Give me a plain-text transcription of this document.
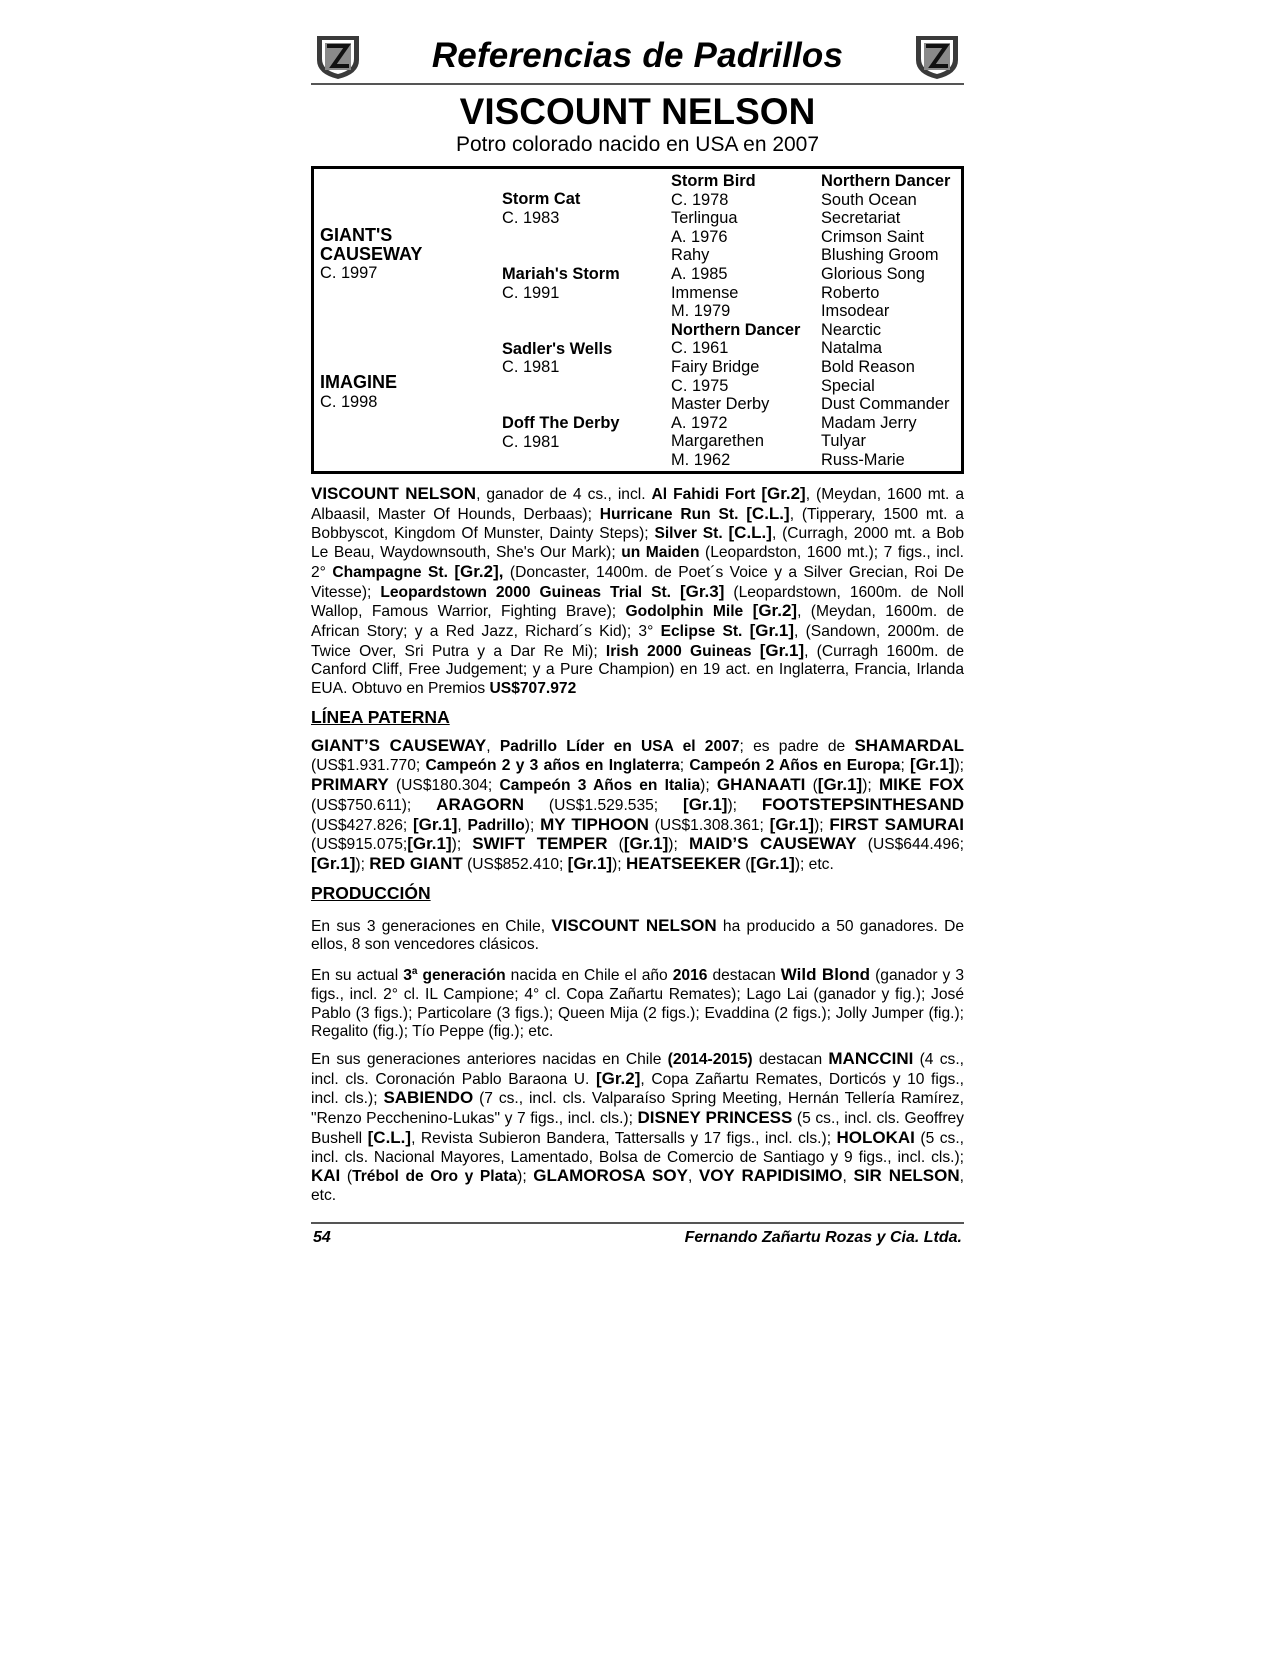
Referencias de Padrillos
VISCOUNT NELSON
Potro colorado nacido en USA en 2007
GIANT'S
CAUSEWAY
C. 1997
IMAGINE
C. 1998
Storm Cat
C. 1983
Mariah's Storm
C. 1991
Sadler's Wells
C. 1981
Doff The Derby
C. 1981
Storm Bird
C. 1978
Terlingua
A. 1976
Rahy
A. 1985
Immense
M. 1979
Northern Dancer
C. 1961
Fairy Bridge
C. 1975
Master Derby
A. 1972
Margarethen
M. 1962
Northern Dancer
South Ocean
Secretariat
Crimson Saint
Blushing Groom
Glorious Song
Roberto
Imsodear
Nearctic
Natalma
Bold Reason
Special
Dust Commander
Madam Jerry
Tulyar
Russ-Marie

VISCOUNT NELSON, ganador de 4 cs., incl. Al Fahidi Fort [Gr.2], (Meydan, 1600 mt. a Albaasil, Master Of Hounds, Derbaas); Hurricane Run St. [C.L.], (Tipperary, 1500 mt. a Bobbyscot, Kingdom Of Munster, Dainty Steps); Silver St. [C.L.], (Curragh, 2000 mt. a Bob Le Beau, Waydownsouth, She's Our Mark); un Maiden (Leopardston, 1600 mt.); 7 figs., incl. 2° Champagne St. [Gr.2], (Doncaster, 1400m. de Poet´s Voice y a Silver Grecian, Roi De Vitesse); Leopardstown 2000 Guineas Trial St. [Gr.3] (Leopardstown, 1600m. de Noll Wallop, Famous Warrior, Fighting Brave); Godolphin Mile [Gr.2], (Meydan, 1600m. de African Story; y a Red Jazz, Richard´s Kid); 3° Eclipse St. [Gr.1], (Sandown, 2000m. de Twice Over, Sri Putra y a Dar Re Mi); Irish 2000 Guineas [Gr.1], (Curragh 1600m. de Canford Cliff, Free Judgement; y a Pure Champion) en 19 act. en Inglaterra, Francia, Irlanda EUA. Obtuvo en Premios US$707.972

LÍNEA PATERNA

GIANT’S CAUSEWAY, Padrillo Líder en USA el 2007; es padre de SHAMARDAL (US$1.931.770; Campeón 2 y 3 años en Inglaterra; Campeón 2 Años en Europa; [Gr.1]); PRIMARY (US$180.304; Campeón 3 Años en Italia); GHANAATI ([Gr.1]); MIKE FOX (US$750.611); ARAGORN (US$1.529.535; [Gr.1]); FOOTSTEPSINTHESAND (US$427.826; [Gr.1], Padrillo); MY TIPHOON (US$1.308.361; [Gr.1]); FIRST SAMURAI (US$915.075;[Gr.1]); SWIFT TEMPER ([Gr.1]); MAID’S CAUSEWAY (US$644.496; [Gr.1]); RED GIANT (US$852.410; [Gr.1]); HEATSEEKER ([Gr.1]); etc.

PRODUCCIÓN

En sus 3 generaciones en Chile, VISCOUNT NELSON ha producido a 50 ganadores. De ellos, 8 son vencedores clásicos.

En su actual 3$^a$ generación nacida en Chile el año 2016 destacan Wild Blond (ganador y 3 figs., incl. 2° cl. IL Campione; 4° cl. Copa Zañartu Remates); Lago Lai (ganador y fig.); José Pablo (3 figs.); Particolare (3 figs.); Queen Mija (2 figs.); Evaddina (2 figs.); Jolly Jumper (fig.); Regalito (fig.); Tío Peppe (fig.); etc.

En sus generaciones anteriores nacidas en Chile (2014-2015) destacan MANCCINI (4 cs., incl. cls. Coronación Pablo Baraona U. [Gr.2], Copa Zañartu Remates, Dorticós y 10 figs., incl. cls.); SABIENDO (7 cs., incl. cls. Valparaíso Spring Meeting, Hernán Tellería Ramírez, "Renzo Pecchenino-Lukas" y 7 figs., incl. cls.); DISNEY PRINCESS (5 cs., incl. cls. Geoffrey Bushell [C.L.], Revista Subieron Bandera, Tattersalls y 17 figs., incl. cls.); HOLOKAI (5 cs., incl. cls. Nacional Mayores, Lamentado, Bolsa de Comercio de Santiago y 9 figs., incl. cls.); KAI (Trébol de Oro y Plata); GLAMOROSA SOY, VOY RAPIDISIMO, SIR NELSON, etc.

54	Fernando Zañartu Rozas y Cia. Ltda.
